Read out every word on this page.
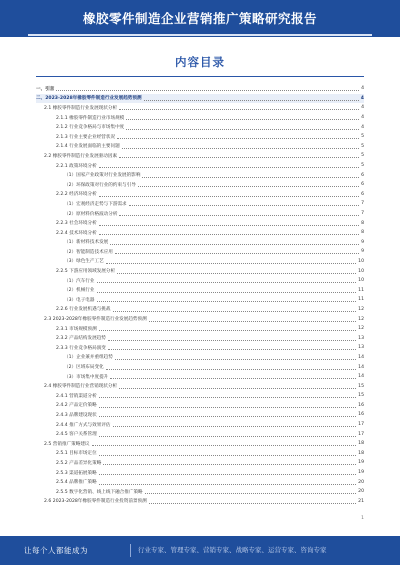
橡胶零件制造企业营销推广策略研究报告
内容目录
一、引言	4
二、2023-2028年橡胶零件制造行业发展趋势预测	4
2.1 橡胶零件制造行业发展现状分析	4
2.1.1 橡胶零件制造行业市场规模	4
2.1.2 行业竞争格局与市场集中度	4
2.1.3 行业主要企业经营状况	5
2.1.4 行业发展面临的主要问题	5
2.2 橡胶零件制造行业发展驱动因素	5
2.2.1 政策环境分析	5
（1）国家产业政策对行业发展的影响	6
（2）环保政策对行业的约束与引导	6
2.2.2 经济环境分析	6
（1）宏观经济走势与下游需求	7
（2）原材料价格波动分析	7
2.2.3 社会环境分析	8
2.2.4 技术环境分析	8
（1）新材料技术发展	9
（2）智能制造技术应用	9
（3）绿色生产工艺	10
2.2.5 下游应用领域发展分析	10
（1）汽车行业	10
（2）机械行业	11
（3）电子电器	11
2.2.6 行业发展机遇与挑战	12
2.3 2023-2028年橡胶零件制造行业发展趋势预测	12
2.3.1 市场规模预测	12
2.3.2 产品结构发展趋势	13
2.3.3 行业竞争格局演变	13
（1）企业兼并重组趋势	14
（2）区域布局变化	14
（3）市场集中度提升	14
2.4 橡胶零件制造行业营销现状分析	15
2.4.1 营销渠道分析	15
2.4.2 产品定价策略	16
2.4.3 品牌建设现状	16
2.4.4 推广方式与效果评估	17
2.4.5 客户关系管理	17
2.5 营销推广策略建议	18
2.5.1 目标市场定位	18
2.5.2 产品差异化策略	19
2.5.3 渠道拓展策略	19
2.5.4 品牌推广策略	20
2.5.5 数字化营销、线上线下融合推广策略	20
2.6 2023-2028年橡胶零件制造行业投资前景预测	21
1
让每个人都能成为	行业专家、管理专家、营销专家、战略专家、运营专家、咨询专家
